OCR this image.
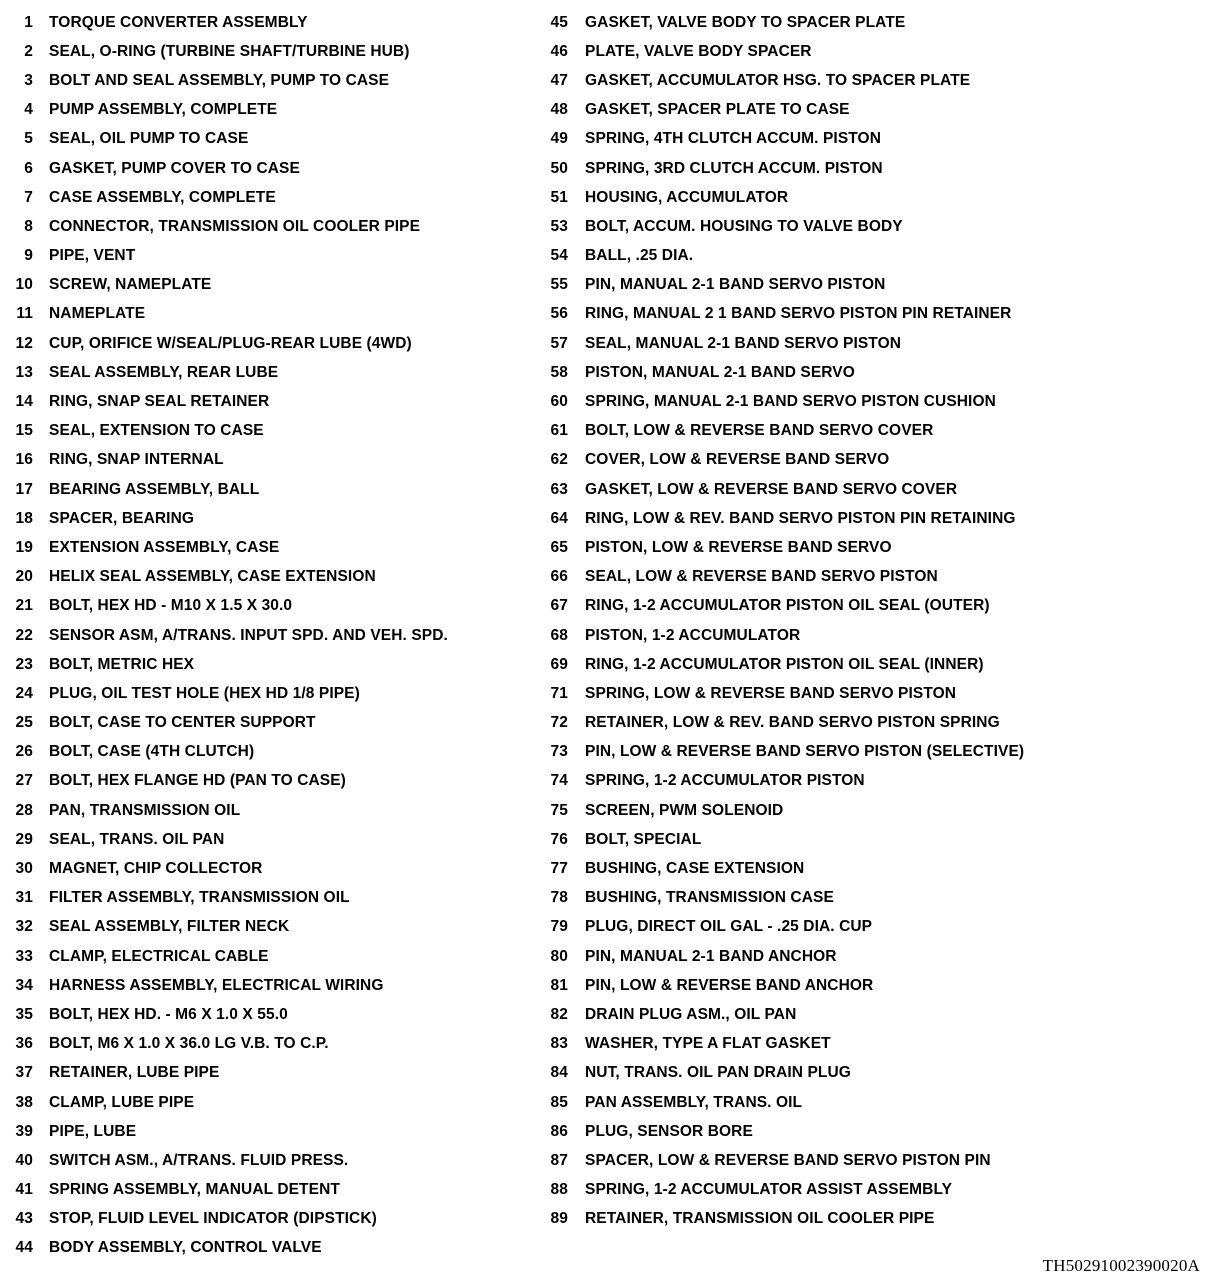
1	TORQUE CONVERTER ASSEMBLY
2	SEAL, O-RING (TURBINE SHAFT/TURBINE HUB)
3	BOLT AND SEAL ASSEMBLY, PUMP TO CASE
4	PUMP ASSEMBLY, COMPLETE
5	SEAL, OIL PUMP TO CASE
6	GASKET, PUMP COVER TO CASE
7	CASE ASSEMBLY, COMPLETE
8	CONNECTOR, TRANSMISSION OIL COOLER PIPE
9	PIPE, VENT
10	SCREW, NAMEPLATE
11	NAMEPLATE
12	CUP, ORIFICE W/SEAL/PLUG-REAR LUBE (4WD)
13	SEAL ASSEMBLY, REAR LUBE
14	RING, SNAP SEAL RETAINER
15	SEAL, EXTENSION TO CASE
16	RING, SNAP INTERNAL
17	BEARING ASSEMBLY, BALL
18	SPACER, BEARING
19	EXTENSION ASSEMBLY, CASE
20	HELIX SEAL ASSEMBLY, CASE EXTENSION
21	BOLT, HEX HD - M10 X 1.5 X 30.0
22	SENSOR ASM, A/TRANS. INPUT SPD. AND VEH. SPD.
23	BOLT, METRIC HEX
24	PLUG, OIL TEST HOLE (HEX HD 1/8 PIPE)
25	BOLT, CASE TO CENTER SUPPORT
26	BOLT, CASE (4TH CLUTCH)
27	BOLT, HEX FLANGE HD (PAN TO CASE)
28	PAN, TRANSMISSION OIL
29	SEAL, TRANS. OIL PAN
30	MAGNET, CHIP COLLECTOR
31	FILTER ASSEMBLY, TRANSMISSION OIL
32	SEAL ASSEMBLY, FILTER NECK
33	CLAMP, ELECTRICAL CABLE
34	HARNESS ASSEMBLY, ELECTRICAL WIRING
35	BOLT, HEX HD. - M6 X 1.0 X 55.0
36	BOLT, M6 X 1.0 X 36.0 LG V.B. TO C.P.
37	RETAINER, LUBE PIPE
38	CLAMP, LUBE PIPE
39	PIPE, LUBE
40	SWITCH ASM., A/TRANS. FLUID PRESS.
41	SPRING ASSEMBLY, MANUAL DETENT
43	STOP, FLUID LEVEL INDICATOR (DIPSTICK)
44	BODY ASSEMBLY, CONTROL VALVE
45	GASKET, VALVE BODY TO SPACER PLATE
46	PLATE, VALVE BODY SPACER
47	GASKET, ACCUMULATOR HSG. TO SPACER PLATE
48	GASKET, SPACER PLATE TO CASE
49	SPRING, 4TH CLUTCH ACCUM. PISTON
50	SPRING, 3RD CLUTCH ACCUM. PISTON
51	HOUSING, ACCUMULATOR
53	BOLT, ACCUM. HOUSING TO VALVE BODY
54	BALL, .25 DIA.
55	PIN, MANUAL 2-1 BAND SERVO PISTON
56	RING, MANUAL 2 1 BAND SERVO PISTON PIN RETAINER
57	SEAL, MANUAL 2-1 BAND SERVO PISTON
58	PISTON, MANUAL 2-1 BAND SERVO
60	SPRING, MANUAL 2-1 BAND SERVO PISTON CUSHION
61	BOLT, LOW & REVERSE BAND SERVO COVER
62	COVER, LOW & REVERSE BAND SERVO
63	GASKET, LOW & REVERSE BAND SERVO COVER
64	RING, LOW & REV. BAND SERVO PISTON PIN RETAINING
65	PISTON, LOW & REVERSE BAND SERVO
66	SEAL, LOW & REVERSE BAND SERVO PISTON
67	RING, 1-2 ACCUMULATOR PISTON OIL SEAL (OUTER)
68	PISTON, 1-2 ACCUMULATOR
69	RING, 1-2 ACCUMULATOR PISTON OIL SEAL (INNER)
71	SPRING, LOW & REVERSE BAND SERVO PISTON
72	RETAINER, LOW & REV. BAND SERVO PISTON SPRING
73	PIN, LOW & REVERSE BAND SERVO PISTON (SELECTIVE)
74	SPRING, 1-2 ACCUMULATOR PISTON
75	SCREEN, PWM SOLENOID
76	BOLT, SPECIAL
77	BUSHING, CASE EXTENSION
78	BUSHING, TRANSMISSION CASE
79	PLUG, DIRECT OIL GAL - .25 DIA. CUP
80	PIN, MANUAL 2-1 BAND ANCHOR
81	PIN, LOW & REVERSE BAND ANCHOR
82	DRAIN PLUG ASM., OIL PAN
83	WASHER, TYPE A FLAT GASKET
84	NUT, TRANS. OIL PAN DRAIN PLUG
85	PAN ASSEMBLY, TRANS. OIL
86	PLUG, SENSOR BORE
87	SPACER, LOW & REVERSE BAND SERVO PISTON PIN
88	SPRING, 1-2 ACCUMULATOR ASSIST ASSEMBLY
89	RETAINER, TRANSMISSION OIL COOLER PIPE
TH50291002390020A
